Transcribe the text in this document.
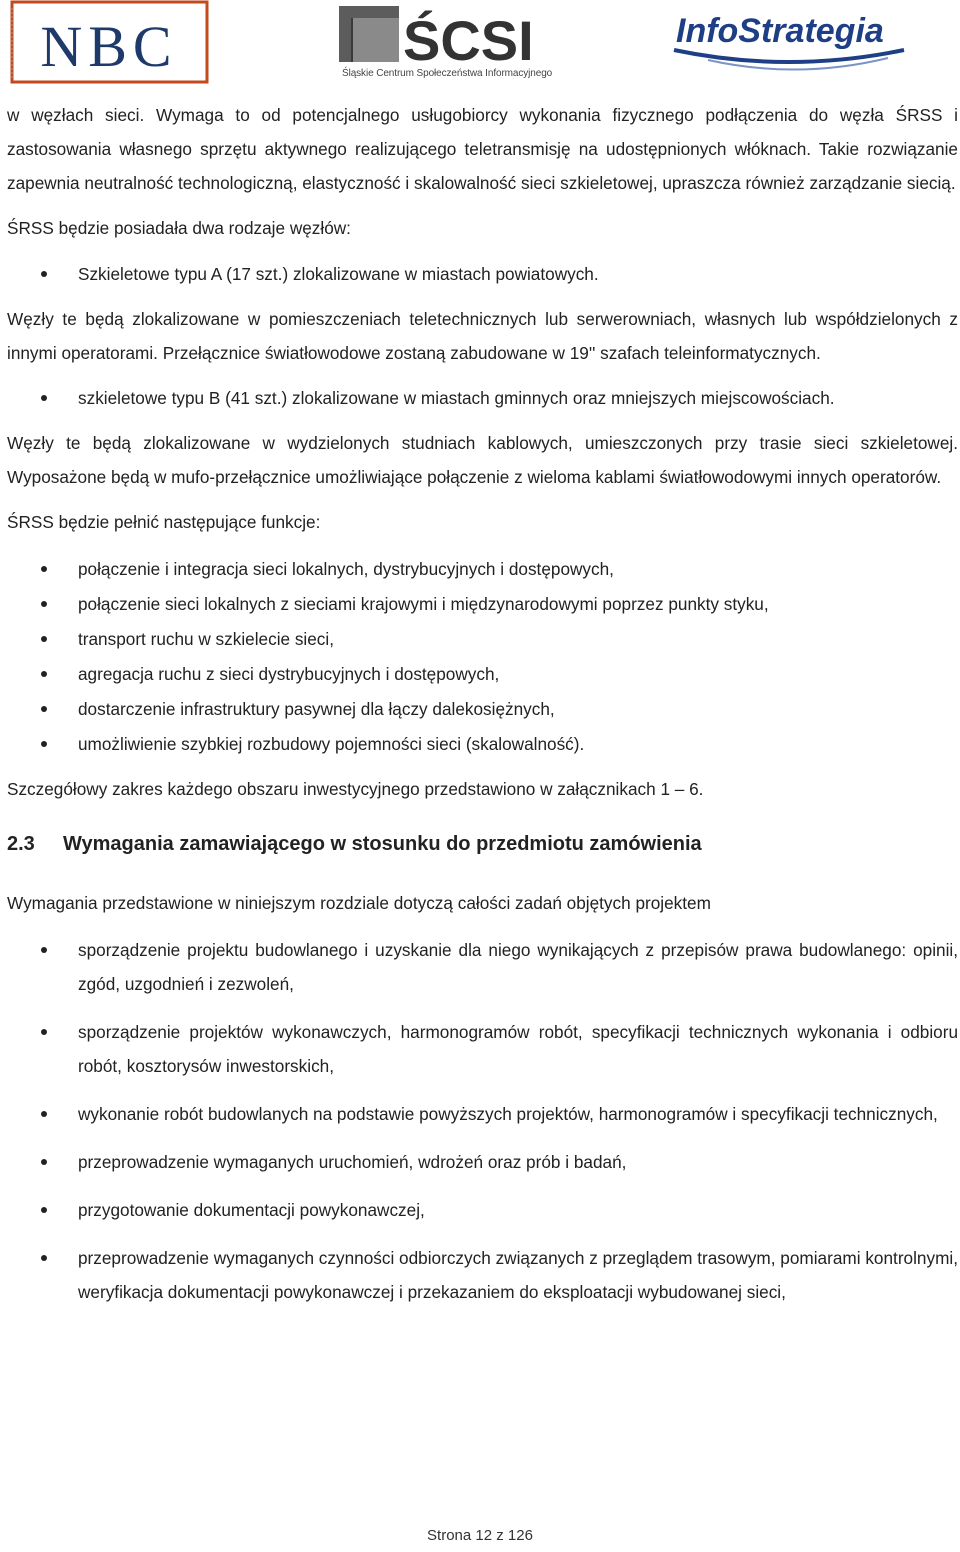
NBC	ŚCSI
Śląskie Centrum Społeczeństwa Informacyjnego
InfoStrategia

w węzłach sieci. Wymaga to od potencjalnego usługobiorcy wykonania fizycznego podłączenia do węzła ŚRSS i zastosowania własnego sprzętu aktywnego realizującego teletransmisję na udostępnionych włóknach. Takie rozwiązanie zapewnia neutralność technologiczną, elastyczność i skalowalność sieci szkieletowej, upraszcza również zarządzanie siecią.

ŚRSS będzie posiadała dwa rodzaje węzłów:

Szkieletowe typu A (17 szt.) zlokalizowane w miastach powiatowych.

Węzły te będą zlokalizowane w pomieszczeniach teletechnicznych lub serwerowniach, własnych lub współdzielonych z innymi operatorami. Przełącznice światłowodowe zostaną zabudowane w 19'' szafach teleinformatycznych.

szkieletowe typu B (41 szt.) zlokalizowane w miastach gminnych oraz mniejszych miejscowościach.

Węzły te będą zlokalizowane w wydzielonych studniach kablowych, umieszczonych przy trasie sieci szkieletowej. Wyposażone będą w mufo-przełącznice umożliwiające połączenie z wieloma kablami światłowodowymi innych operatorów.

ŚRSS będzie pełnić następujące funkcje:

połączenie i integracja sieci lokalnych, dystrybucyjnych i dostępowych,
połączenie sieci lokalnych z sieciami krajowymi i międzynarodowymi poprzez punkty styku,
transport ruchu w szkielecie sieci,
agregacja ruchu z sieci dystrybucyjnych i dostępowych,
dostarczenie infrastruktury pasywnej dla łączy dalekosiężnych,
umożliwienie szybkiej rozbudowy pojemności sieci (skalowalność).

Szczegółowy zakres każdego obszaru inwestycyjnego przedstawiono w załącznikach 1 – 6.

2.3 Wymagania zamawiającego w stosunku do przedmiotu zamówienia

Wymagania przedstawione w niniejszym rozdziale dotyczą całości zadań objętych projektem

sporządzenie projektu budowlanego i uzyskanie dla niego wynikających z przepisów prawa budowlanego: opinii, zgód, uzgodnień i zezwoleń,
sporządzenie projektów wykonawczych, harmonogramów robót, specyfikacji technicznych wykonania i odbioru robót, kosztorysów inwestorskich,
wykonanie robót budowlanych na podstawie powyższych projektów, harmonogramów i specyfikacji technicznych,
przeprowadzenie wymaganych uruchomień, wdrożeń oraz prób i badań,
przygotowanie dokumentacji powykonawczej,
przeprowadzenie wymaganych czynności odbiorczych związanych z przeglądem trasowym, pomiarami kontrolnymi, weryfikacja dokumentacji powykonawczej i przekazaniem do eksploatacji wybudowanej sieci,
Strona 12 z 126
